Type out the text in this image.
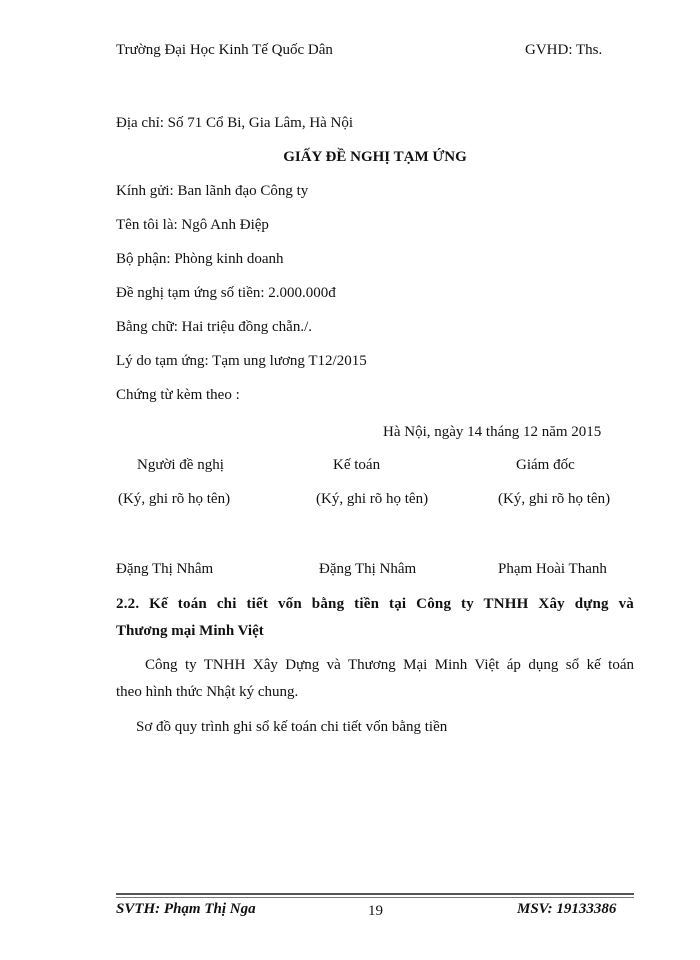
Trường Đại Học Kinh Tế Quốc Dân	GVHD: Ths.
Địa chỉ: Số 71 Cổ Bi, Gia Lâm, Hà Nội
GIẤY ĐỀ NGHỊ TẠM ỨNG
Kính gửi: Ban lãnh đạo Công ty
Tên tôi là: Ngô Anh Điệp
Bộ phận: Phòng kinh doanh
Đề nghị tạm ứng số tiền: 2.000.000đ
Bằng chữ: Hai triệu đồng chẵn./.
Lý do tạm ứng: Tạm ung lương T12/2015
Chứng từ kèm theo :
Hà Nội, ngày 14 tháng 12 năm 2015
Người đề nghị	Kế toán	Giám đốc
(Ký, ghi rõ họ tên)	(Ký, ghi rõ họ tên)	(Ký, ghi rõ họ tên)
Đặng Thị Nhâm	Đặng Thị Nhâm	Phạm Hoài Thanh
2.2. Kế toán chi tiết vốn bằng tiền tại Công ty TNHH Xây dựng và
Thương mại Minh Việt
Công ty TNHH Xây Dựng và Thương Mại Minh Việt áp dụng sổ kế toán
theo hình thức Nhật ký chung.
Sơ đồ quy trình ghi sổ kế toán chi tiết vốn bằng tiền
SVTH: Phạm Thị Nga	19	MSV: 19133386
